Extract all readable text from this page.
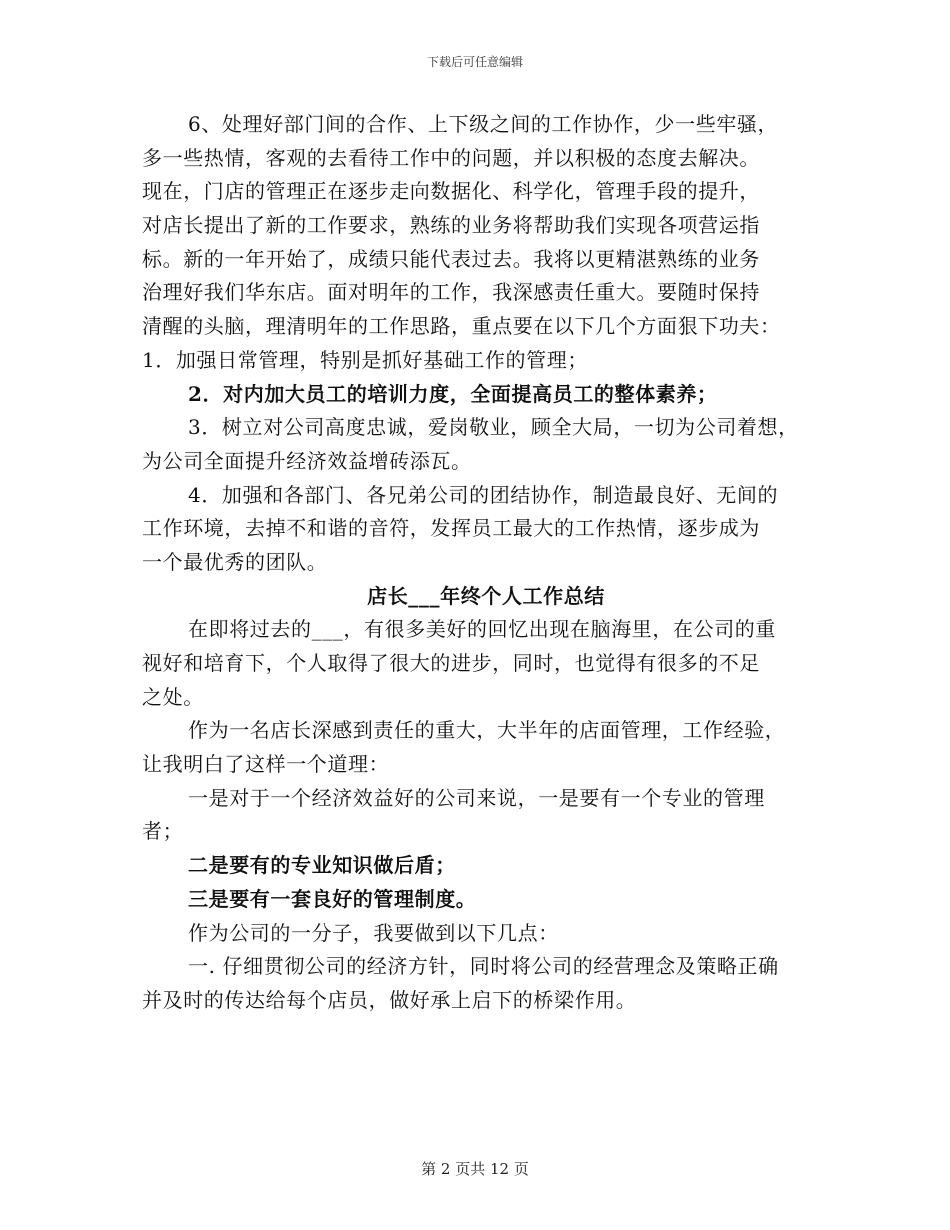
下载后可任意编辑
6、处理好部门间的合作、上下级之间的工作协作，少一些牢骚，
多一些热情，客观的去看待工作中的问题，并以积极的态度去解决。
现在，门店的管理正在逐步走向数据化、科学化，管理手段的提升，
对店长提出了新的工作要求，熟练的业务将帮助我们实现各项营运指
标。新的一年开始了，成绩只能代表过去。我将以更精湛熟练的业务
治理好我们华东店。面对明年的工作，我深感责任重大。要随时保持
清醒的头脑，理清明年的工作思路，重点要在以下几个方面狠下功夫：
1．加强日常管理，特别是抓好基础工作的管理；
2．对内加大员工的培训力度，全面提高员工的整体素养；
3．树立对公司高度忠诚，爱岗敬业，顾全大局，一切为公司着想，
为公司全面提升经济效益增砖添瓦。
4．加强和各部门、各兄弟公司的团结协作，制造最良好、无间的
工作环境，去掉不和谐的音符，发挥员工最大的工作热情，逐步成为
一个最优秀的团队。
店长___年终个人工作总结
在即将过去的___，有很多美好的回忆出现在脑海里，在公司的重
视好和培育下，个人取得了很大的进步，同时，也觉得有很多的不足
之处。
作为一名店长深感到责任的重大，大半年的店面管理，工作经验，
让我明白了这样一个道理：
一是对于一个经济效益好的公司来说，一是要有一个专业的管理
者；
二是要有的专业知识做后盾；
三是要有一套良好的管理制度。
作为公司的一分子，我要做到以下几点：
一. 仔细贯彻公司的经济方针，同时将公司的经营理念及策略正确
并及时的传达给每个店员，做好承上启下的桥梁作用。
第 2 页共 12 页
